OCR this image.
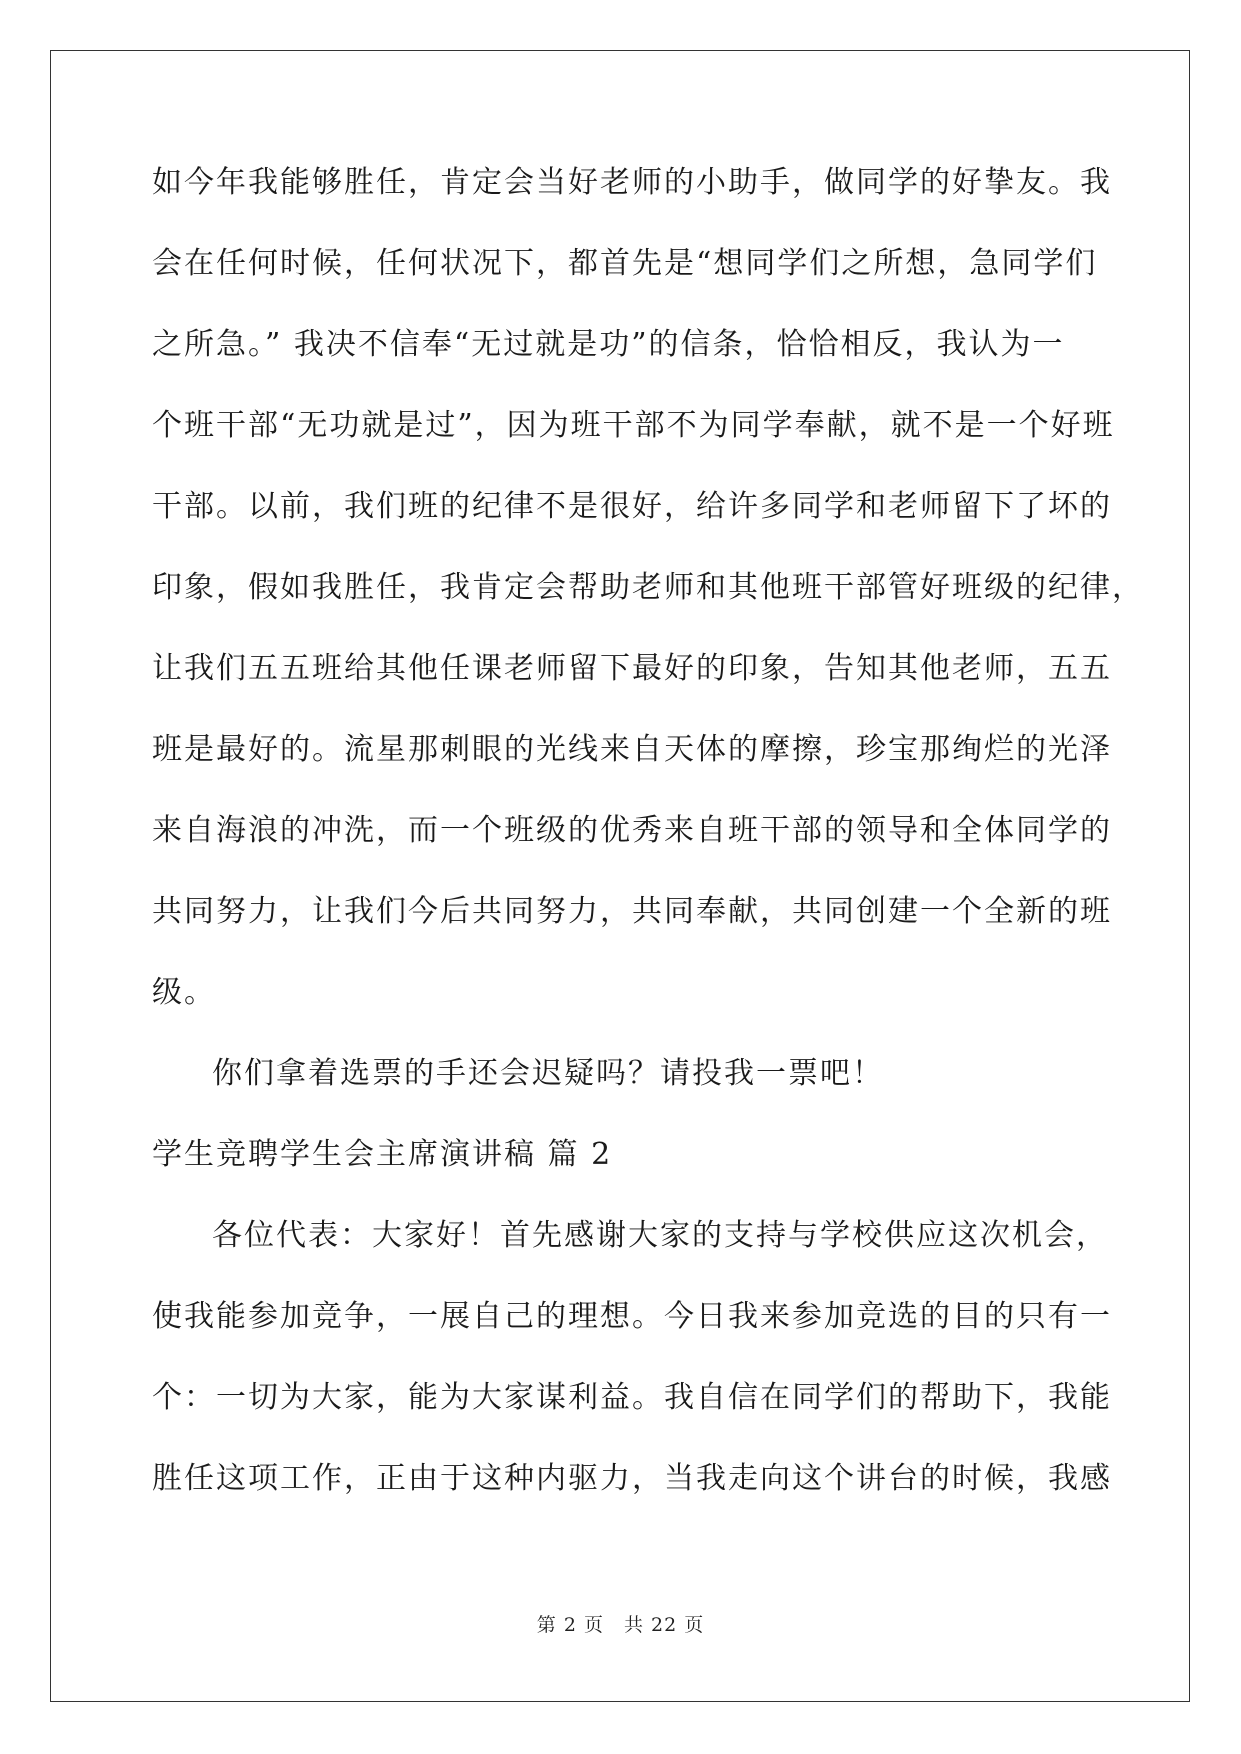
如今年我能够胜任，肯定会当好老师的小助手，做同学的好挚友。我
会在任何时候，任何状况下，都首先是“想同学们之所想，急同学们
之所急。” 我决不信奉“无过就是功”的信条，恰恰相反，我认为一
个班干部“无功就是过”，因为班干部不为同学奉献，就不是一个好班
干部。以前，我们班的纪律不是很好，给许多同学和老师留下了坏的
印象，假如我胜任，我肯定会帮助老师和其他班干部管好班级的纪律，
让我们五五班给其他任课老师留下最好的印象，告知其他老师，五五
班是最好的。流星那刺眼的光线来自天体的摩擦，珍宝那绚烂的光泽
来自海浪的冲洗，而一个班级的优秀来自班干部的领导和全体同学的
共同努力，让我们今后共同努力，共同奉献，共同创建一个全新的班
级。
你们拿着选票的手还会迟疑吗？请投我一票吧！
学生竞聘学生会主席演讲稿 篇 2
各位代表：大家好！首先感谢大家的支持与学校供应这次机会，
使我能参加竞争，一展自己的理想。今日我来参加竞选的目的只有一
个：一切为大家，能为大家谋利益。我自信在同学们的帮助下，我能
胜任这项工作，正由于这种内驱力，当我走向这个讲台的时候，我感
第 2 页　共 22 页
